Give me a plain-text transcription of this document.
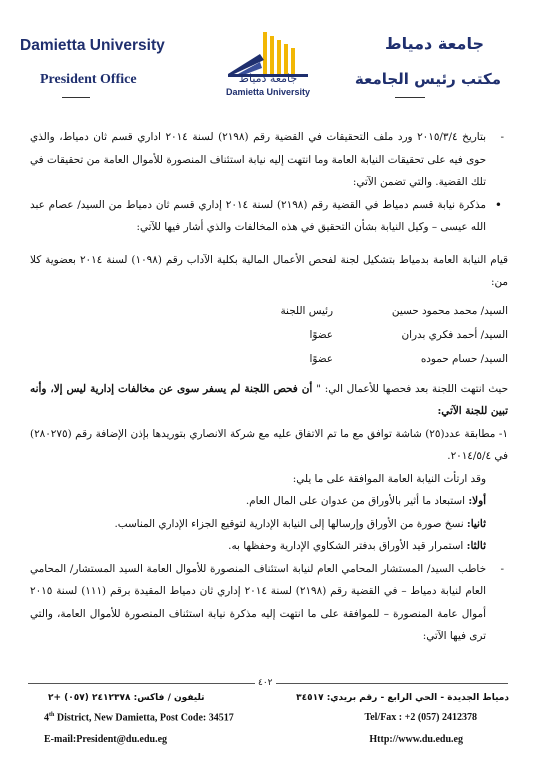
Damietta University
President Office	جامعة دمياط
Damietta University
جامعة دمياط
مكتب رئيس الجامعة
-
بتاريخ ٢٠١٥/٣/٤ ورد ملف التحقيقات في القضية رقم (٢١٩٨) لسنة ٢٠١٤ اداري قسم ثان دمياط، والذي حوى فيه على تحقيقات النيابة العامة وما انتهت إليه نيابة استئناف المنصورة للأموال العامة من تحقيقات في تلك القضية. والتي تضمن الآتي:
•
مذكرة نيابة قسم دمياط في القضية رقم (٢١٩٨) لسنة ٢٠١٤ إداري قسم ثان دمياط من السيد/ عصام عبد الله عيسى – وكيل النيابة بشأن التحقيق في هذه المخالفات والذي أشار فيها للآتي:

قيام النيابة العامة بدمياط بتشكيل لجنة لفحص الأعمال المالية بكلية الآداب رقم (١٠٩٨) لسنة ٢٠١٤ بعضوية كلا من:

السيد/ محمد محمود حسين
رئيس اللجنة
السيد/ أحمد فكري بدران
عضوًا
السيد/ حسام حموده
عضوًا

حيث انتهت اللجنة بعد فحصها للأعمال الي: " أن فحص اللجنة لم يسفر سوى عن مخالفات إدارية ليس إلا، وأنه تبين للجنة الآتي:

١- مطابقة عدد(٢٥) شاشة توافق مع ما تم الاتفاق عليه مع شركة الانصاري بتوريدها بإذن الإضافة رقم (٢٨٠٢٧٥) في ٢٠١٤/٥/٤.

وقد ارتأت النيابة العامة الموافقة على ما يلي:

أولا: استبعاد ما أثير بالأوراق من عدوان على المال العام.

ثانيا: نسخ صورة من الأوراق وإرسالها إلى النيابة الإدارية لتوقيع الجزاء الإداري المناسب.

ثالثا: استمرار قيد الأوراق بدفتر الشكاوي الإدارية وحفظها به.

-
خاطب السيد/ المستشار المحامي العام لنيابة استئناف المنصورة للأموال العامة السيد المستشار/ المحامي العام لنيابة دمياط – في القضية رقم (٢١٩٨) لسنة ٢٠١٤ إداري ثان دمياط المقيدة برقم (١١١) لسنة ٢٠١٥ أموال عامة المنصورة – للموافقة على ما انتهت إليه مذكرة نيابة استئناف المنصورة للأموال العامة، والتي ترى فيها الآتي:
٤٠٢
دمياط الجديدة - الحي الرابع - رقم بريدي: ٣٤٥١٧
تليفون / فاكس: ٢٤١٢٣٧٨ (٠٥٧) +٢
4th District, New Damietta, Post Code: 34517	Tel/Fax : +2 (057) 2412378
E-mail:President@du.edu.eg	Http://www.du.edu.eg
